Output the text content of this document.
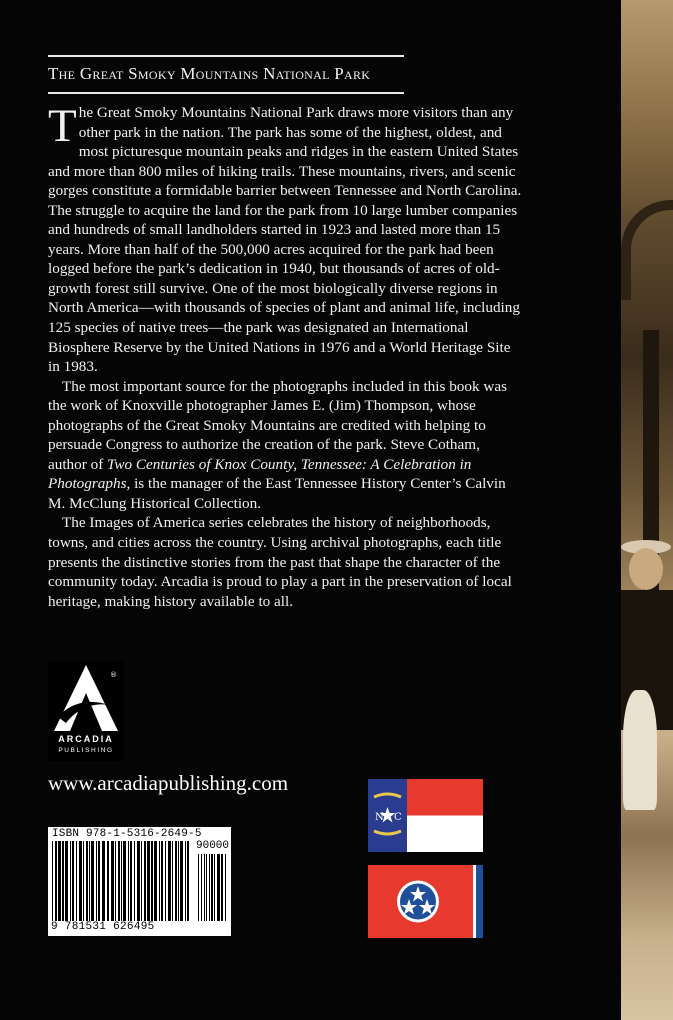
The Great Smoky Mountains National Park

The Great Smoky Mountains National Park draws more visitors than any other park in the nation. The park has some of the highest, oldest, and most picturesque mountain peaks and ridges in the eastern United States and more than 800 miles of hiking trails. These mountains, rivers, and scenic gorges constitute a formidable barrier between Tennessee and North Carolina. The struggle to acquire the land for the park from 10 large lumber companies and hundreds of small landholders started in 1923 and lasted more than 15 years. More than half of the 500,000 acres acquired for the park had been logged before the park’s dedication in 1940, but thousands of acres of old-growth forest still survive. One of the most biologically diverse regions in North America—with thousands of species of plant and animal life, including 125 species of native trees—the park was designated an International Biosphere Reserve by the United Nations in 1976 and a World Heritage Site in 1983.

The most important source for the photographs included in this book was the work of Knoxville photographer James E. (Jim) Thompson, whose photographs of the Great Smoky Mountains are credited with helping to persuade Congress to authorize the creation of the park. Steve Cotham, author of Two Centuries of Knox County, Tennessee: A Celebration in Photographs, is the manager of the East Tennessee History Center’s Calvin M. McClung Historical Collection.

The Images of America series celebrates the history of neighborhoods, towns, and cities across the country. Using archival photographs, each title presents the distinctive stories from the past that shape the character of the community today. Arcadia is proud to play a part in the preservation of local heritage, making history available to all.

®
ARCADIA
PUBLISHING
www.arcadiapublishing.com
ISBN 978-1-5316-2649-5
90000
9 781531 626495
N C
